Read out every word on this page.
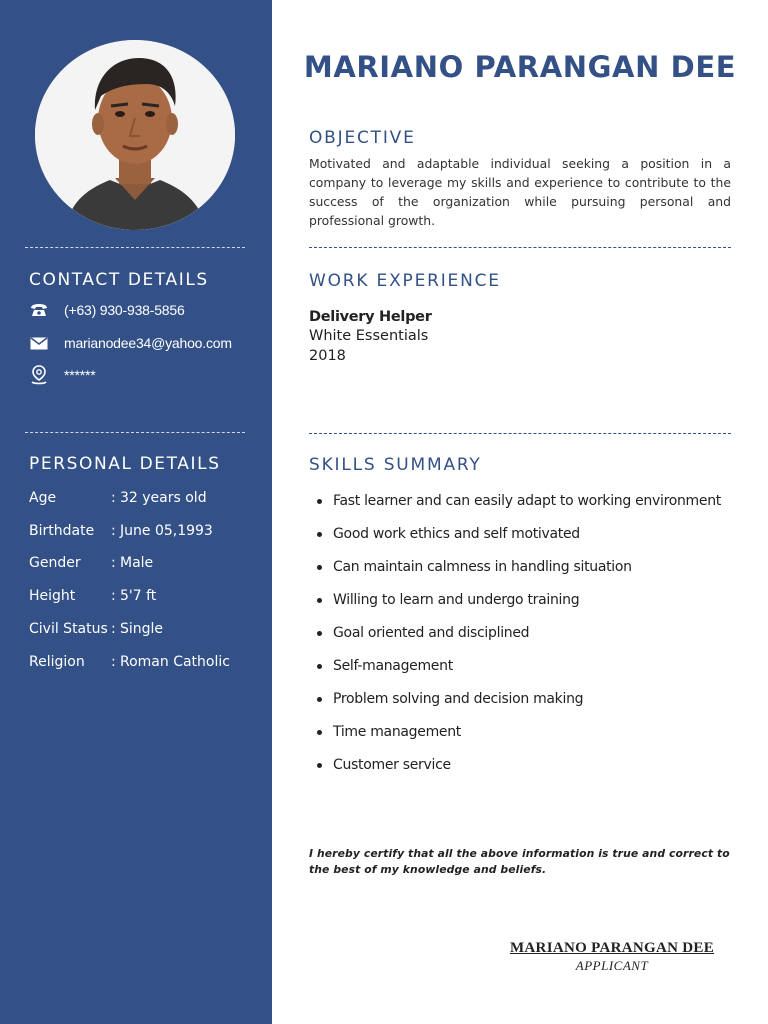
CONTACT DETAILS
(+63) 930-938-5856
marianodee34@yahoo.com
******
PERSONAL DETAILS
Age	: 32 years old
Birthdate : June 05,1993
Gender : Male
Height	: 5'7 ft
Civil Status : Single
Religion : Roman Catholic
MARIANO PARANGAN DEE
OBJECTIVE
Motivated and adaptable individual seeking a position in a company to leverage my skills and experience to contribute to the success of the organization while pursuing personal and professional growth.
WORK EXPERIENCE
Delivery Helper
White Essentials
2018
SKILLS SUMMARY
Fast learner and can easily adapt to working environment
Good work ethics and self motivated
Can maintain calmness in handling situation
Willing to learn and undergo training
Goal oriented and disciplined
Self-management
Problem solving and decision making
Time management
Customer service
I hereby certify that all the above information is true and correct to the best of my knowledge and beliefs.
MARIANO PARANGAN DEE
APPLICANT
